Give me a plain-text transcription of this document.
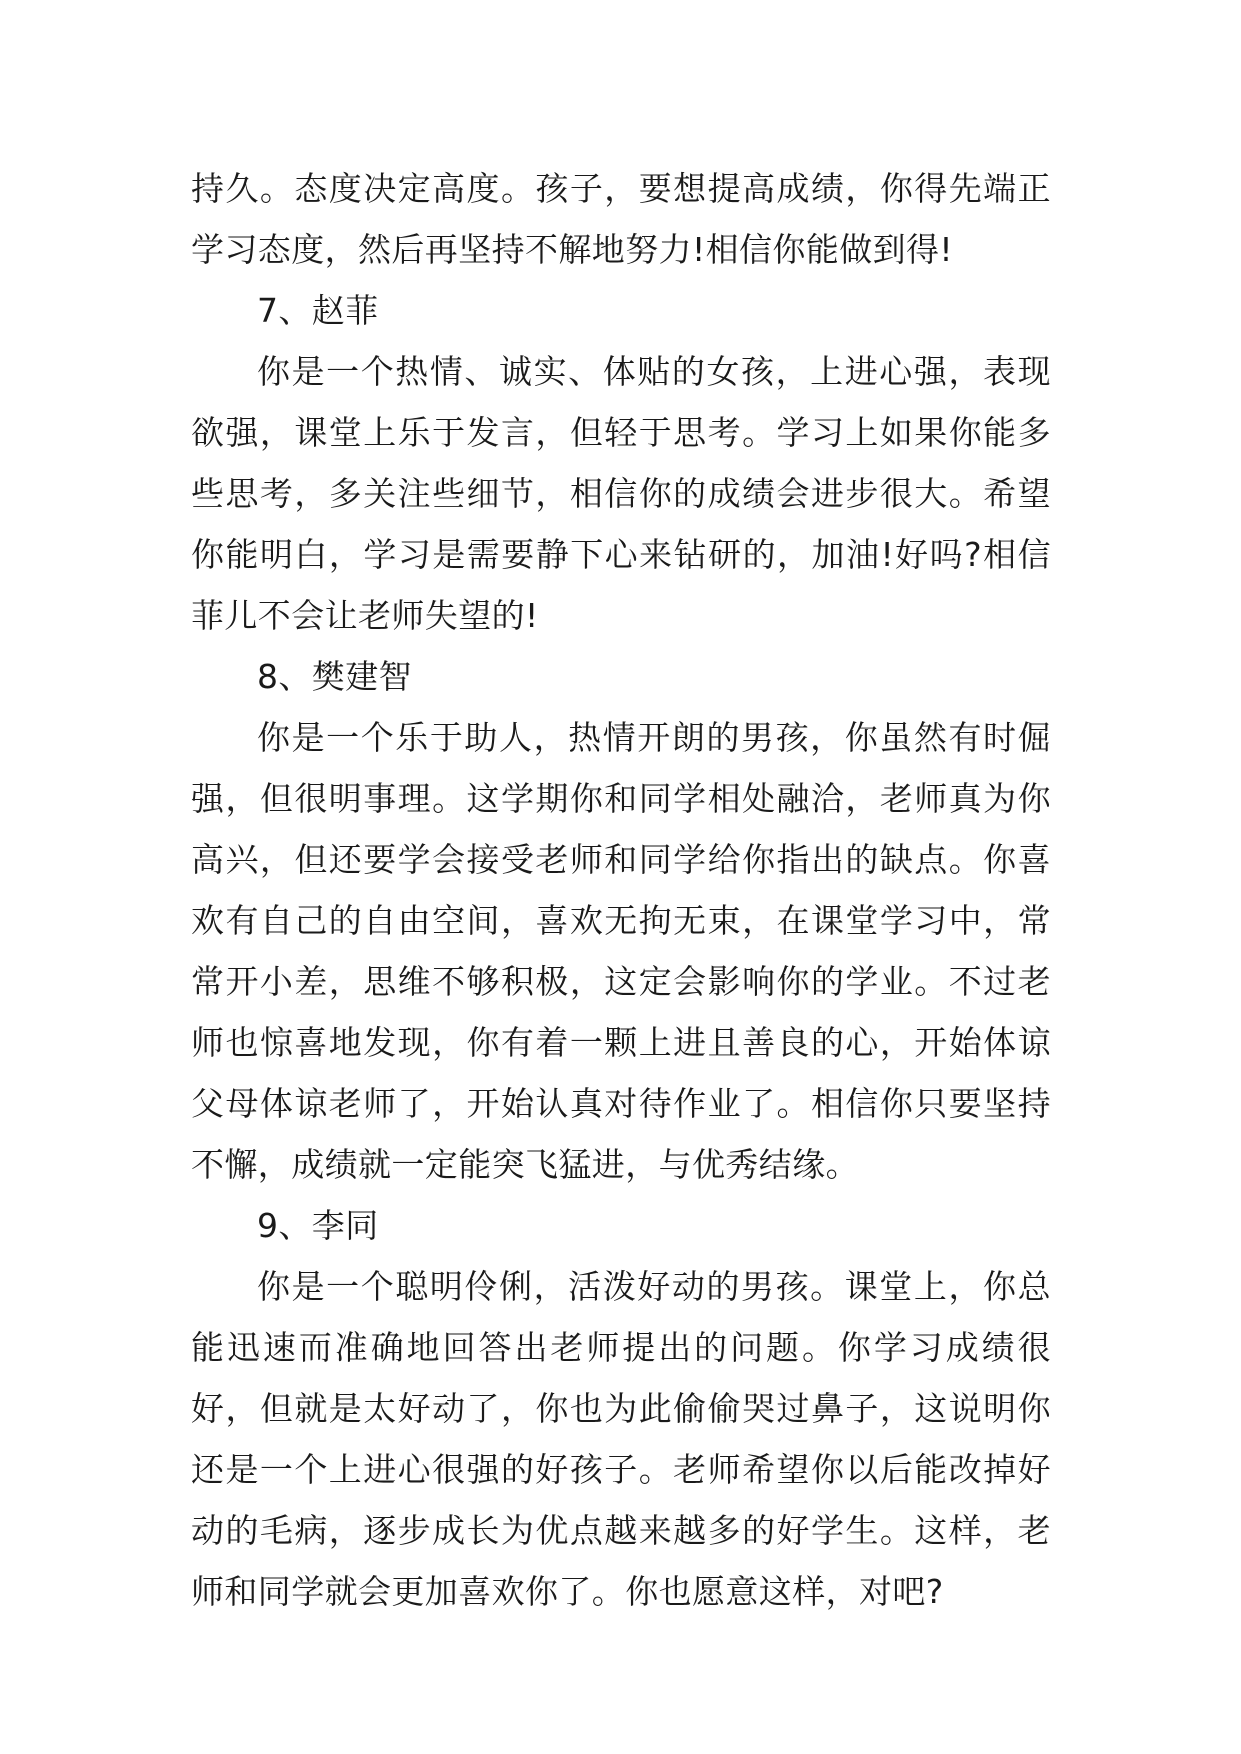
持久。态度决定高度。孩子，要想提高成绩，你得先端正学习态度，然后再坚持不解地努力!相信你能做到得!

7、赵菲

你是一个热情、诚实、体贴的女孩，上进心强，表现欲强，课堂上乐于发言，但轻于思考。学习上如果你能多些思考，多关注些细节，相信你的成绩会进步很大。希望你能明白，学习是需要静下心来钻研的，加油!好吗?相信菲儿不会让老师失望的!

8、樊建智

你是一个乐于助人，热情开朗的男孩，你虽然有时倔强，但很明事理。这学期你和同学相处融洽，老师真为你高兴，但还要学会接受老师和同学给你指出的缺点。你喜欢有自己的自由空间，喜欢无拘无束，在课堂学习中，常常开小差，思维不够积极，这定会影响你的学业。不过老师也惊喜地发现，你有着一颗上进且善良的心，开始体谅父母体谅老师了，开始认真对待作业了。相信你只要坚持不懈，成绩就一定能突飞猛进，与优秀结缘。

9、李同

你是一个聪明伶俐，活泼好动的男孩。课堂上，你总能迅速而准确地回答出老师提出的问题。你学习成绩很好，但就是太好动了，你也为此偷偷哭过鼻子，这说明你还是一个上进心很强的好孩子。老师希望你以后能改掉好动的毛病，逐步成长为优点越来越多的好学生。这样，老师和同学就会更加喜欢你了。你也愿意这样，对吧?
